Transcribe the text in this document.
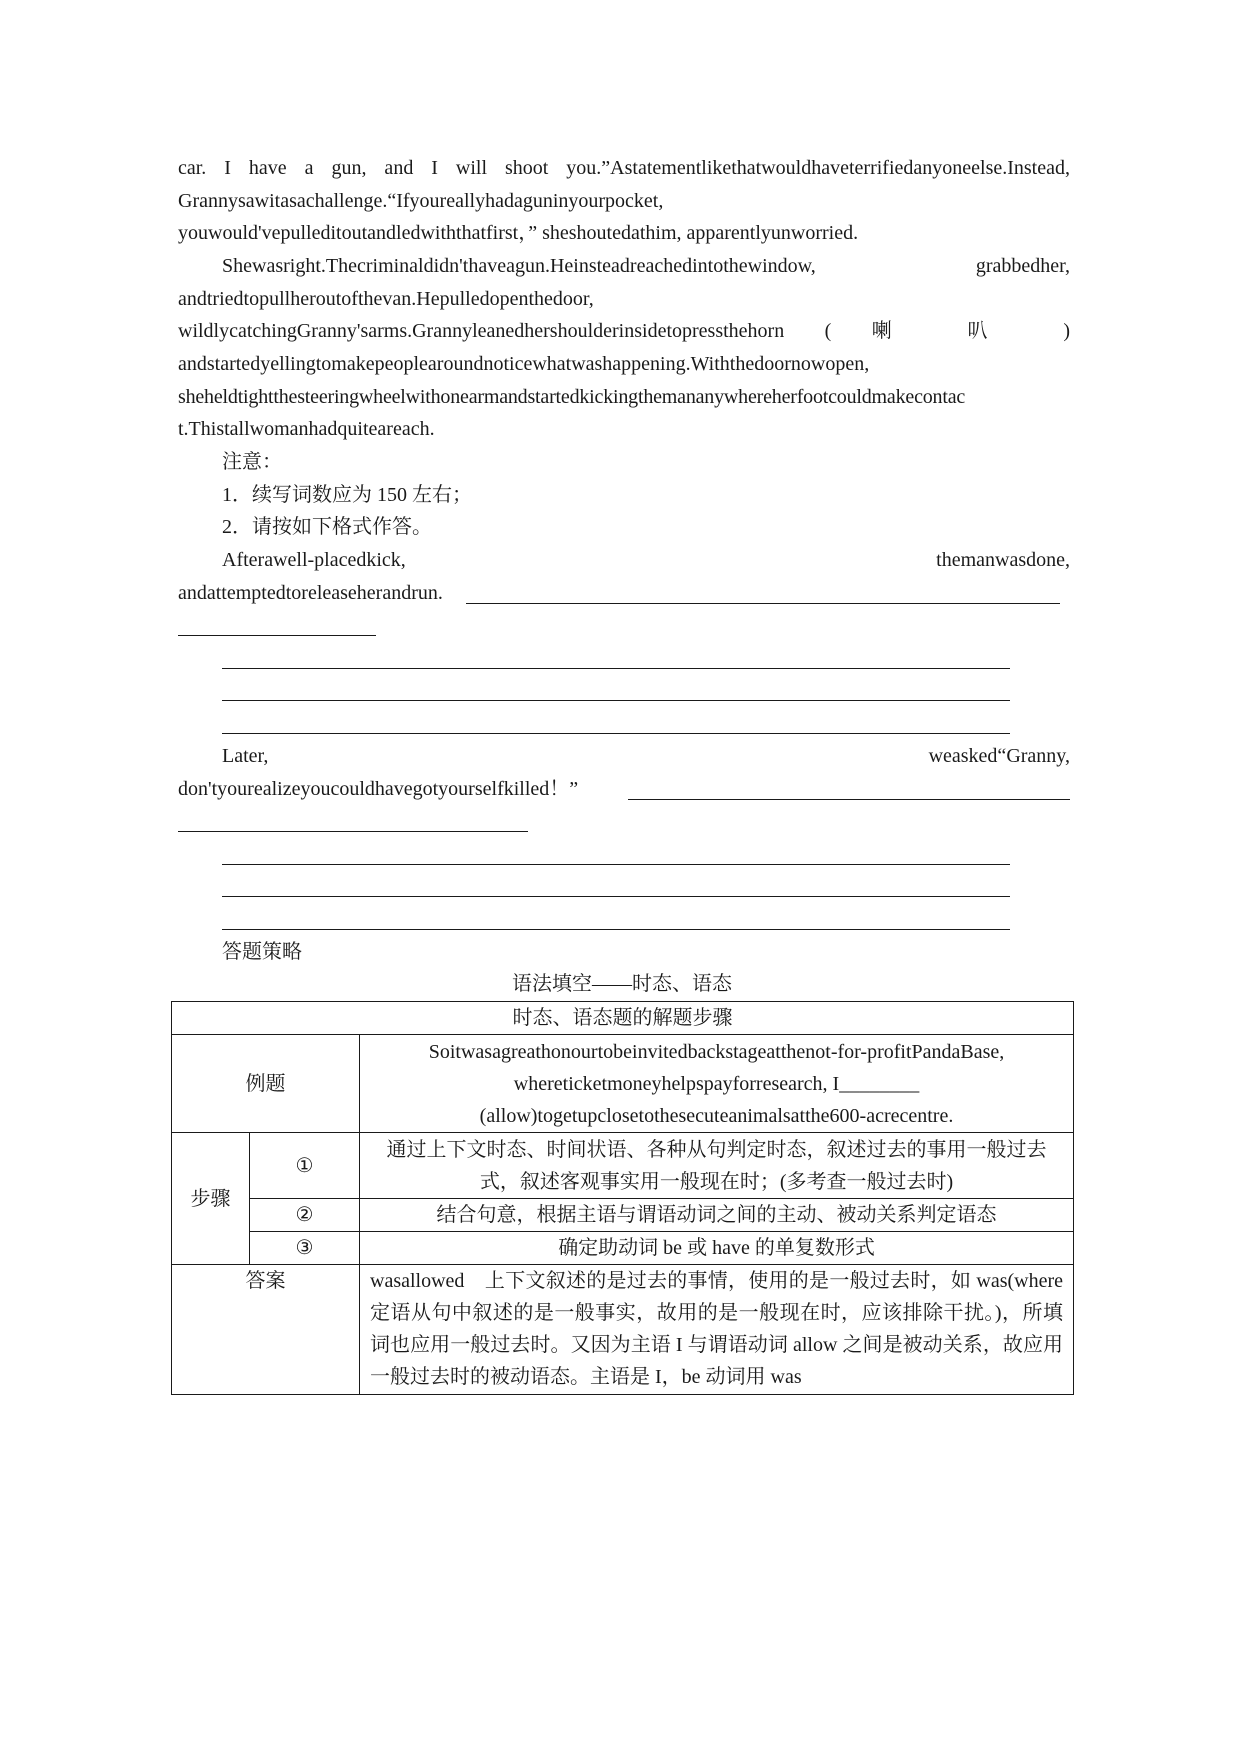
car. I have a gun, and I will shoot you.”Astatementlikethatwouldhaveterrifiedanyoneelse.Instead,
Grannysawitasachallenge.“Ifyoureallyhadaguninyourpocket,
youwould'vepulleditoutandledwiththatfirst，” sheshoutedathim, apparentlyunworried.
Shewasright.Thecriminaldidn'thaveagun.Heinsteadreachedintothewindow, grabbedher,
andtriedtopullheroutofthevan.Hepulledopenthedoor,
wildlycatchingGranny'sarms.Grannyleanedhershoulderinsidetopressthehorn ( 喇 叭 )
andstartedyellingtomakepeoplearoundnoticewhatwashappening.Withthedoornowopen,
sheheldtightthesteeringwheelwithonearmandstartedkickingthemananywhereherfootcouldmakecontac
t.Thistallwomanhadquiteareach.
注意：
1．续写词数应为 150 左右；
2．请按如下格式作答。
Afterawell-placedkick,	themanwasdone,
andattemptedtoreleaseherandrun.
Later,	weasked“Granny,
don'tyourealizeyoucouldhavegotyourselfkilled！”
答题策略
语法填空——时态、语态
时态、语态题的解题步骤		
例题		Soitwasagreathonourtobeinvitedbackstageatthenot-for-profitPandaBase,
whereticketmoneyhelpspayforresearch, I________
(allow)togetupclosetothesecuteanimalsatthe600-acrecentre.

步骤	①	通过上下文时态、时间状语、各种从句判定时态，叙述过去的事用一般过去式，叙述客观事实用一般现在时；(多考查一般过去时)
	②	结合句意，根据主语与谓语动词之间的主动、被动关系判定语态
	③	确定助动词 be 或 have 的单复数形式
答案		wasallowed　上下文叙述的是过去的事情，使用的是一般过去时，如 was(where 定语从句中叙述的是一般事实，故用的是一般现在时，应该排除干扰。)，所填词也应用一般过去时。又因为主语 I 与谓语动词 allow 之间是被动关系，故应用一般过去时的被动语态。主语是 I，be 动词用 was
